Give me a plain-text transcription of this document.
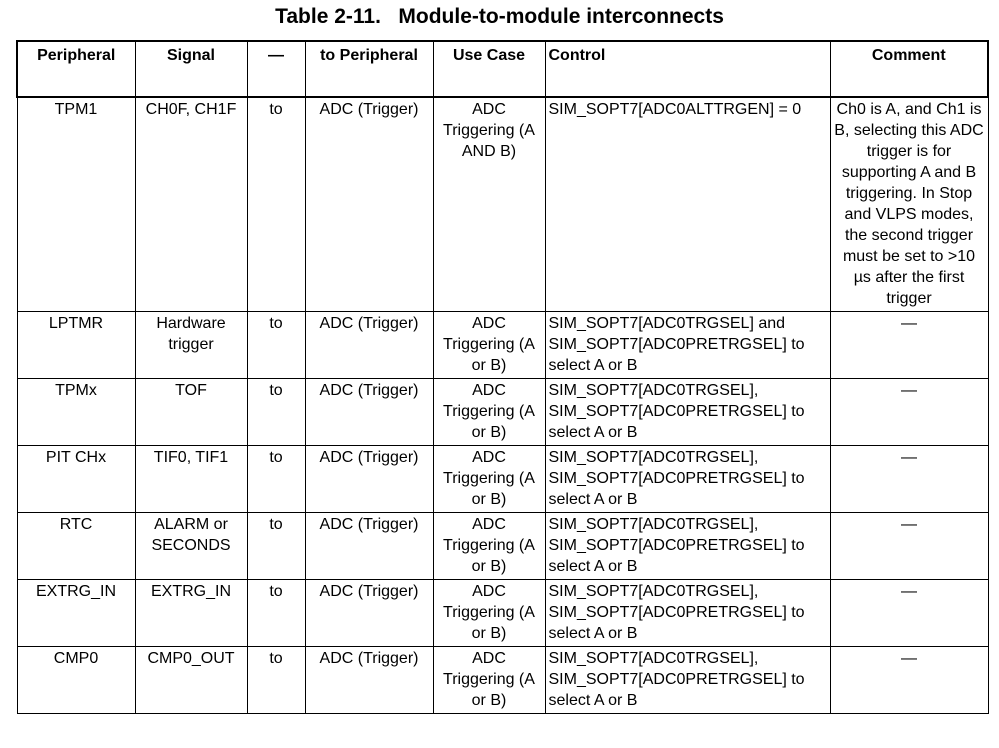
Table 2-11.   Module-to-module interconnects
Peripheral	Signal	—	to Peripheral	Use Case	Control	Comment
TPM1	CH0F, CH1F	to	ADC (Trigger)	ADC Triggering (A AND B)	SIM_SOPT7[ADC0ALTTRGEN] = 0	Ch0 is A, and Ch1 is B, selecting this ADC trigger is for supporting A and B triggering. In Stop and VLPS modes, the second trigger must be set to >10 µs after the first trigger
LPTMR	Hardware trigger	to	ADC (Trigger)	ADC Triggering (A or B)	SIM_SOPT7[ADC0TRGSEL] and SIM_SOPT7[ADC0PRETRGSEL] to select A or B	—
TPMx	TOF	to	ADC (Trigger)	ADC Triggering (A or B)	SIM_SOPT7[ADC0TRGSEL], SIM_SOPT7[ADC0PRETRGSEL] to select A or B	—
PIT CHx	TIF0, TIF1	to	ADC (Trigger)	ADC Triggering (A or B)	SIM_SOPT7[ADC0TRGSEL], SIM_SOPT7[ADC0PRETRGSEL] to select A or B	—
RTC	ALARM or SECONDS	to	ADC (Trigger)	ADC Triggering (A or B)	SIM_SOPT7[ADC0TRGSEL], SIM_SOPT7[ADC0PRETRGSEL] to select A or B	—
EXTRG_IN	EXTRG_IN	to	ADC (Trigger)	ADC Triggering (A or B)	SIM_SOPT7[ADC0TRGSEL], SIM_SOPT7[ADC0PRETRGSEL] to select A or B	—
CMP0	CMP0_OUT	to	ADC (Trigger)	ADC Triggering (A or B)	SIM_SOPT7[ADC0TRGSEL], SIM_SOPT7[ADC0PRETRGSEL] to select A or B	—
